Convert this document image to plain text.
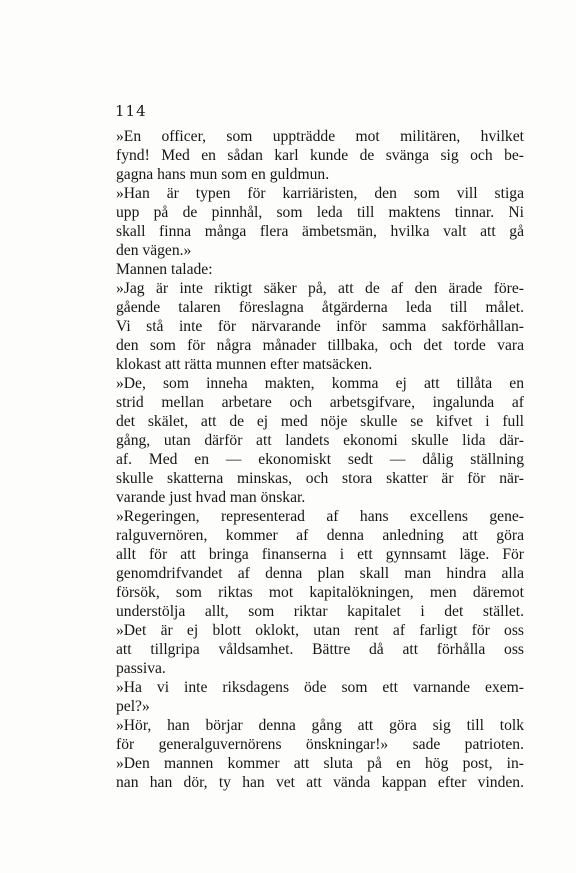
114
»En officer, som uppträdde mot militären, hvilket
fynd! Med en sådan karl kunde de svänga sig och be-
gagna hans mun som en guldmun.
»Han är typen för karriäristen, den som vill stiga
upp på de pinnhål, som leda till maktens tinnar. Ni
skall finna många flera ämbetsmän, hvilka valt att gå
den vägen.»
Mannen talade:
»Jag är inte riktigt säker på, att de af den ärade före-
gående talaren föreslagna åtgärderna leda till målet.
Vi stå inte för närvarande inför samma sakförhållan-
den som för några månader tillbaka, och det torde vara
klokast att rätta munnen efter matsäcken.
»De, som inneha makten, komma ej att tillåta en
strid mellan arbetare och arbetsgifvare, ingalunda af
det skälet, att de ej med nöje skulle se kifvet i full
gång, utan därför att landets ekonomi skulle lida där-
af. Med en — ekonomiskt sedt — dålig ställning
skulle skatterna minskas, och stora skatter är för när-
varande just hvad man önskar.
»Regeringen, representerad af hans excellens gene-
ralguvernören, kommer af denna anledning att göra
allt för att bringa finanserna i ett gynnsamt läge. För
genomdrifvandet af denna plan skall man hindra alla
försök, som riktas mot kapitalökningen, men däremot
understölja allt, som riktar kapitalet i det stället.
»Det är ej blott oklokt, utan rent af farligt för oss
att tillgripa våldsamhet. Bättre då att förhålla oss
passiva.
»Ha vi inte riksdagens öde som ett varnande exem-
pel?»
»Hör, han börjar denna gång att göra sig till tolk
för generalguvernörens önskningar!» sade patrioten.
»Den mannen kommer att sluta på en hög post, in-
nan han dör, ty han vet att vända kappan efter vinden.
